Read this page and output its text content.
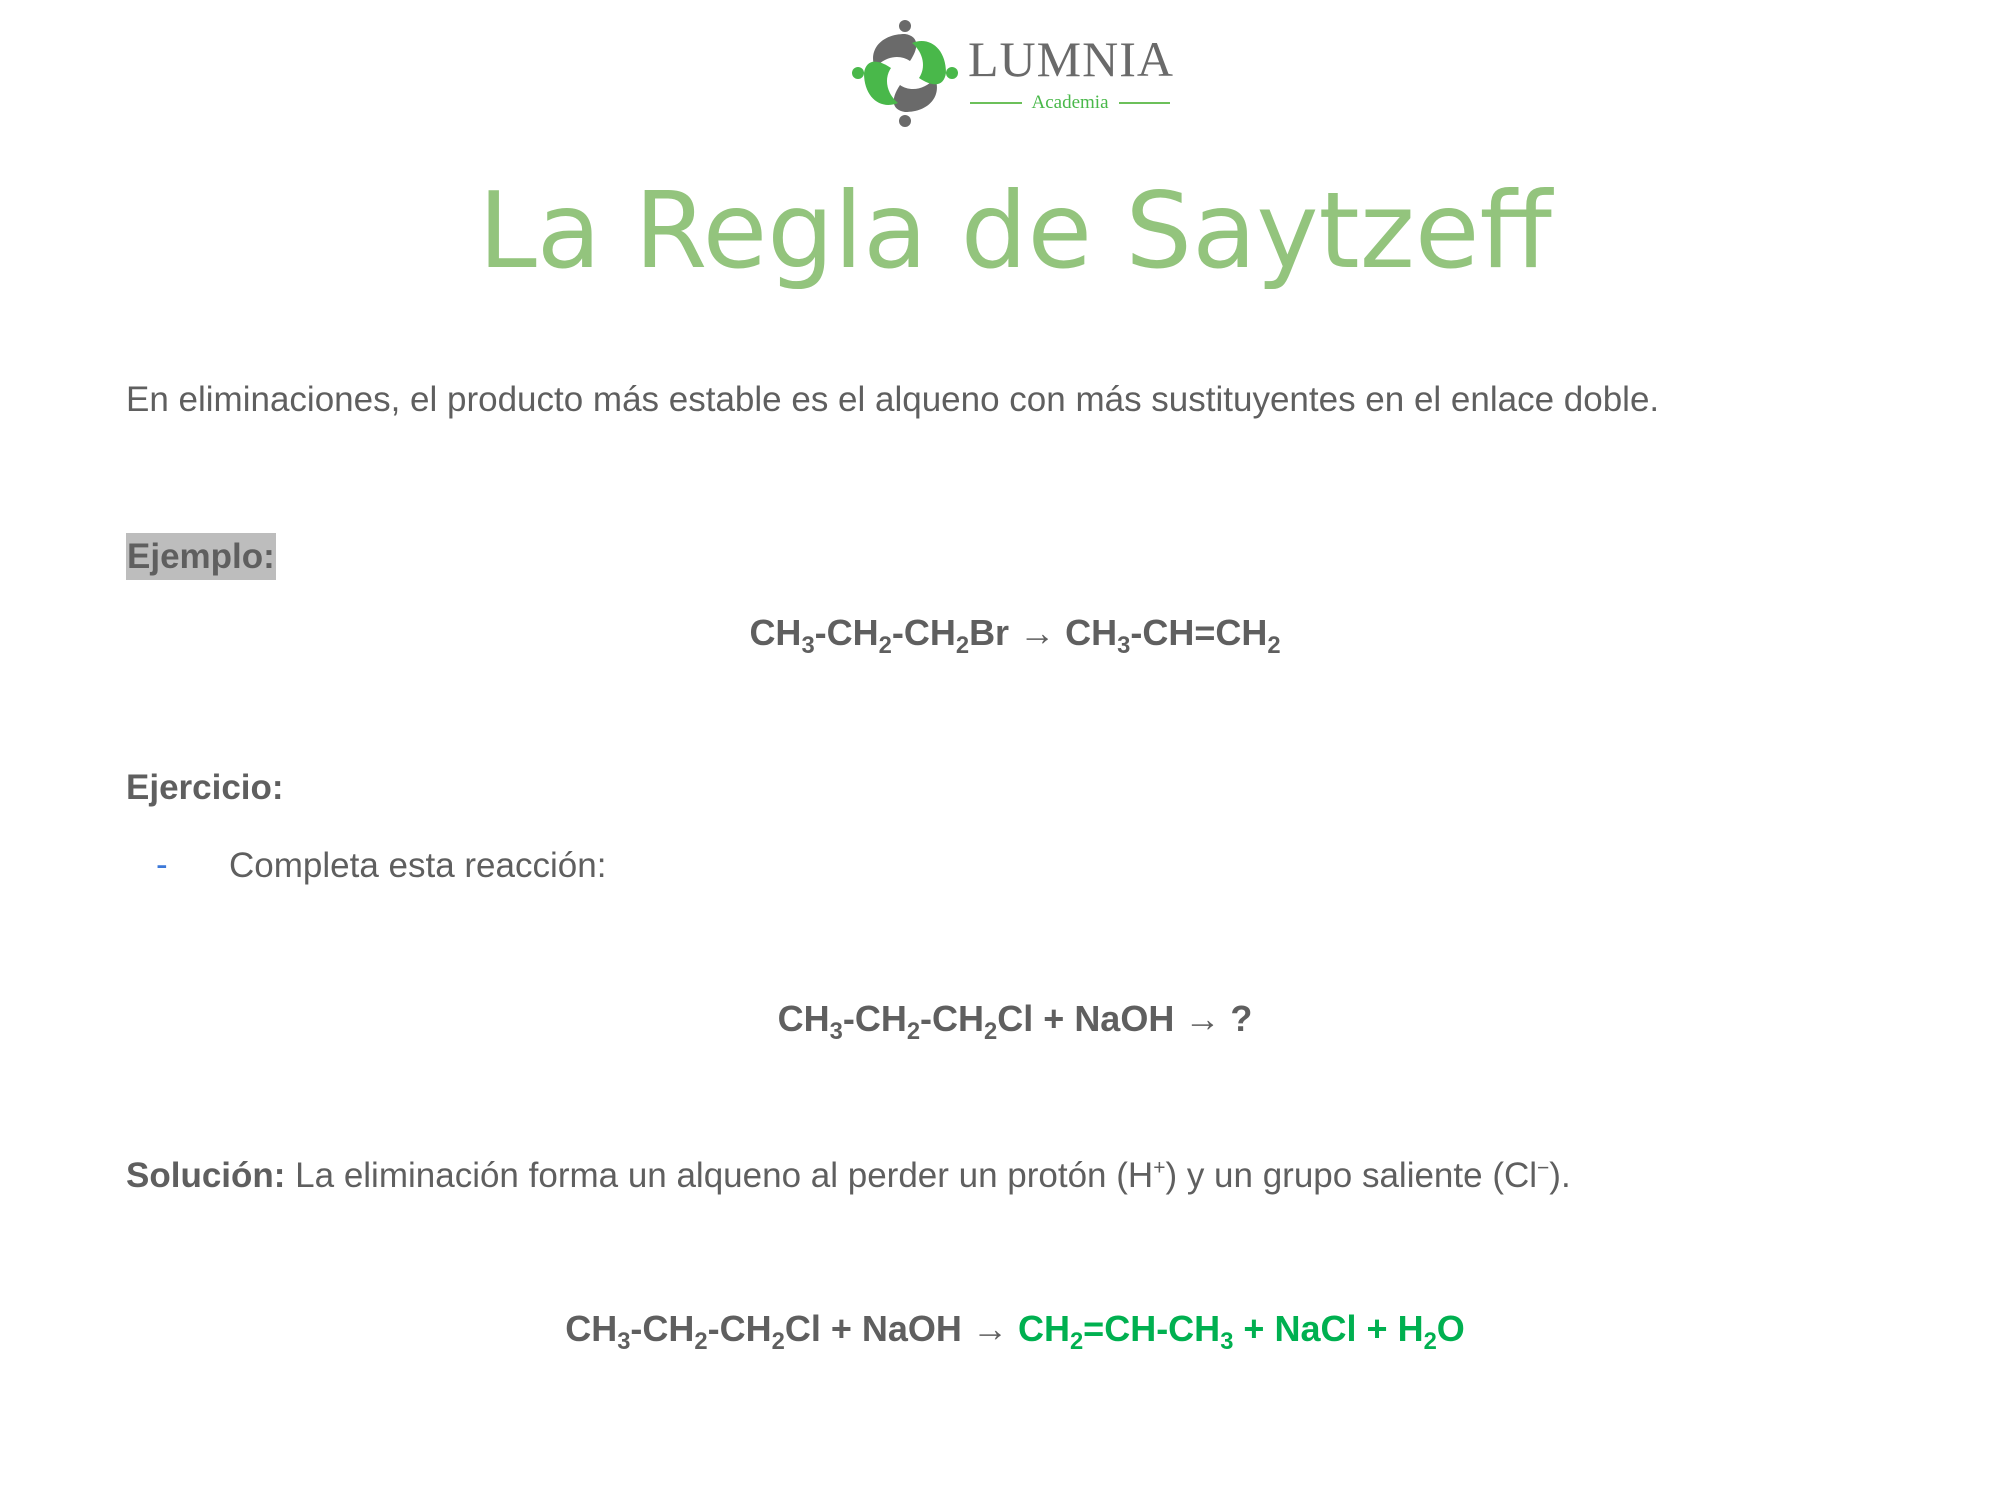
LUMNIA
Academia
La Regla de Saytzeff
En eliminaciones, el producto más estable es el alqueno con más sustituyentes en el enlace doble.
Ejemplo:
$CH_3-CH_2-CH_2Br \to CH_3-CH=CH_2$
Ejercicio:
- Completa esta reacción:
$CH_3-CH_2-CH_2Cl$ + NaOH → ?
Solución: La eliminación forma un alqueno al perder un protón (H+) y un grupo saliente (Cl−).
$CH_3-CH_2-CH_2Cl$ + NaOH → $CH_2=CH-CH_3$ + NaCl + $H_2O$
